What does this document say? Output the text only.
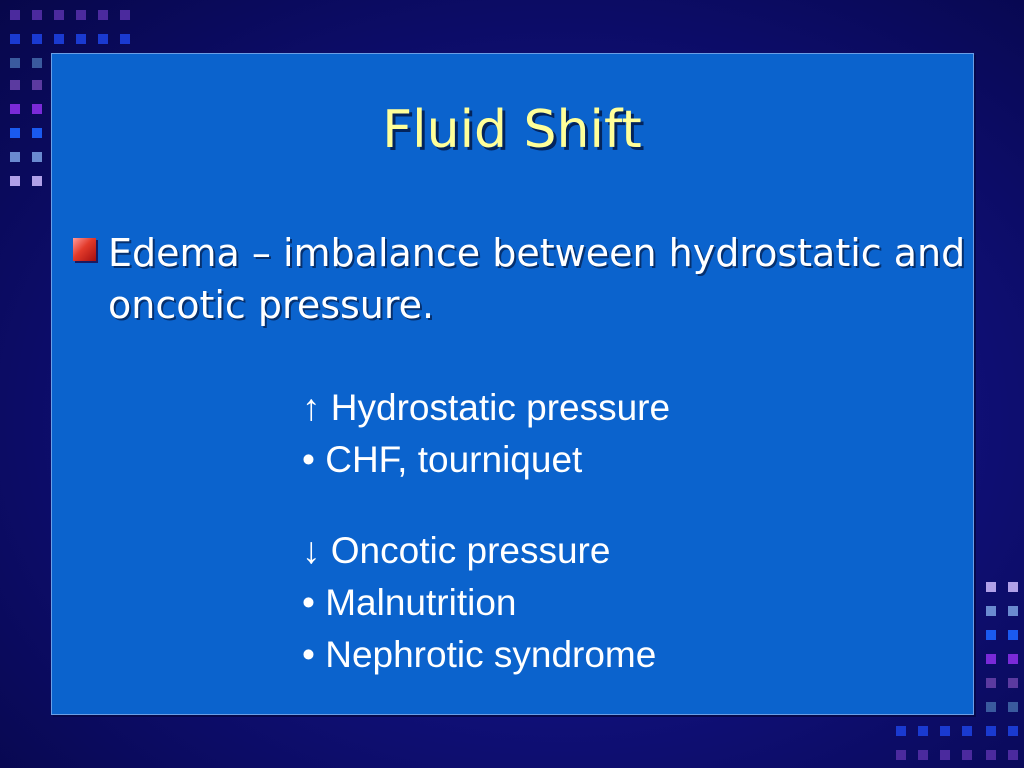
Fluid Shift
Edema – imbalance between hydrostatic and oncotic pressure.
↑ Hydrostatic pressure
• CHF, tourniquet
↓ Oncotic pressure
• Malnutrition
• Nephrotic syndrome
